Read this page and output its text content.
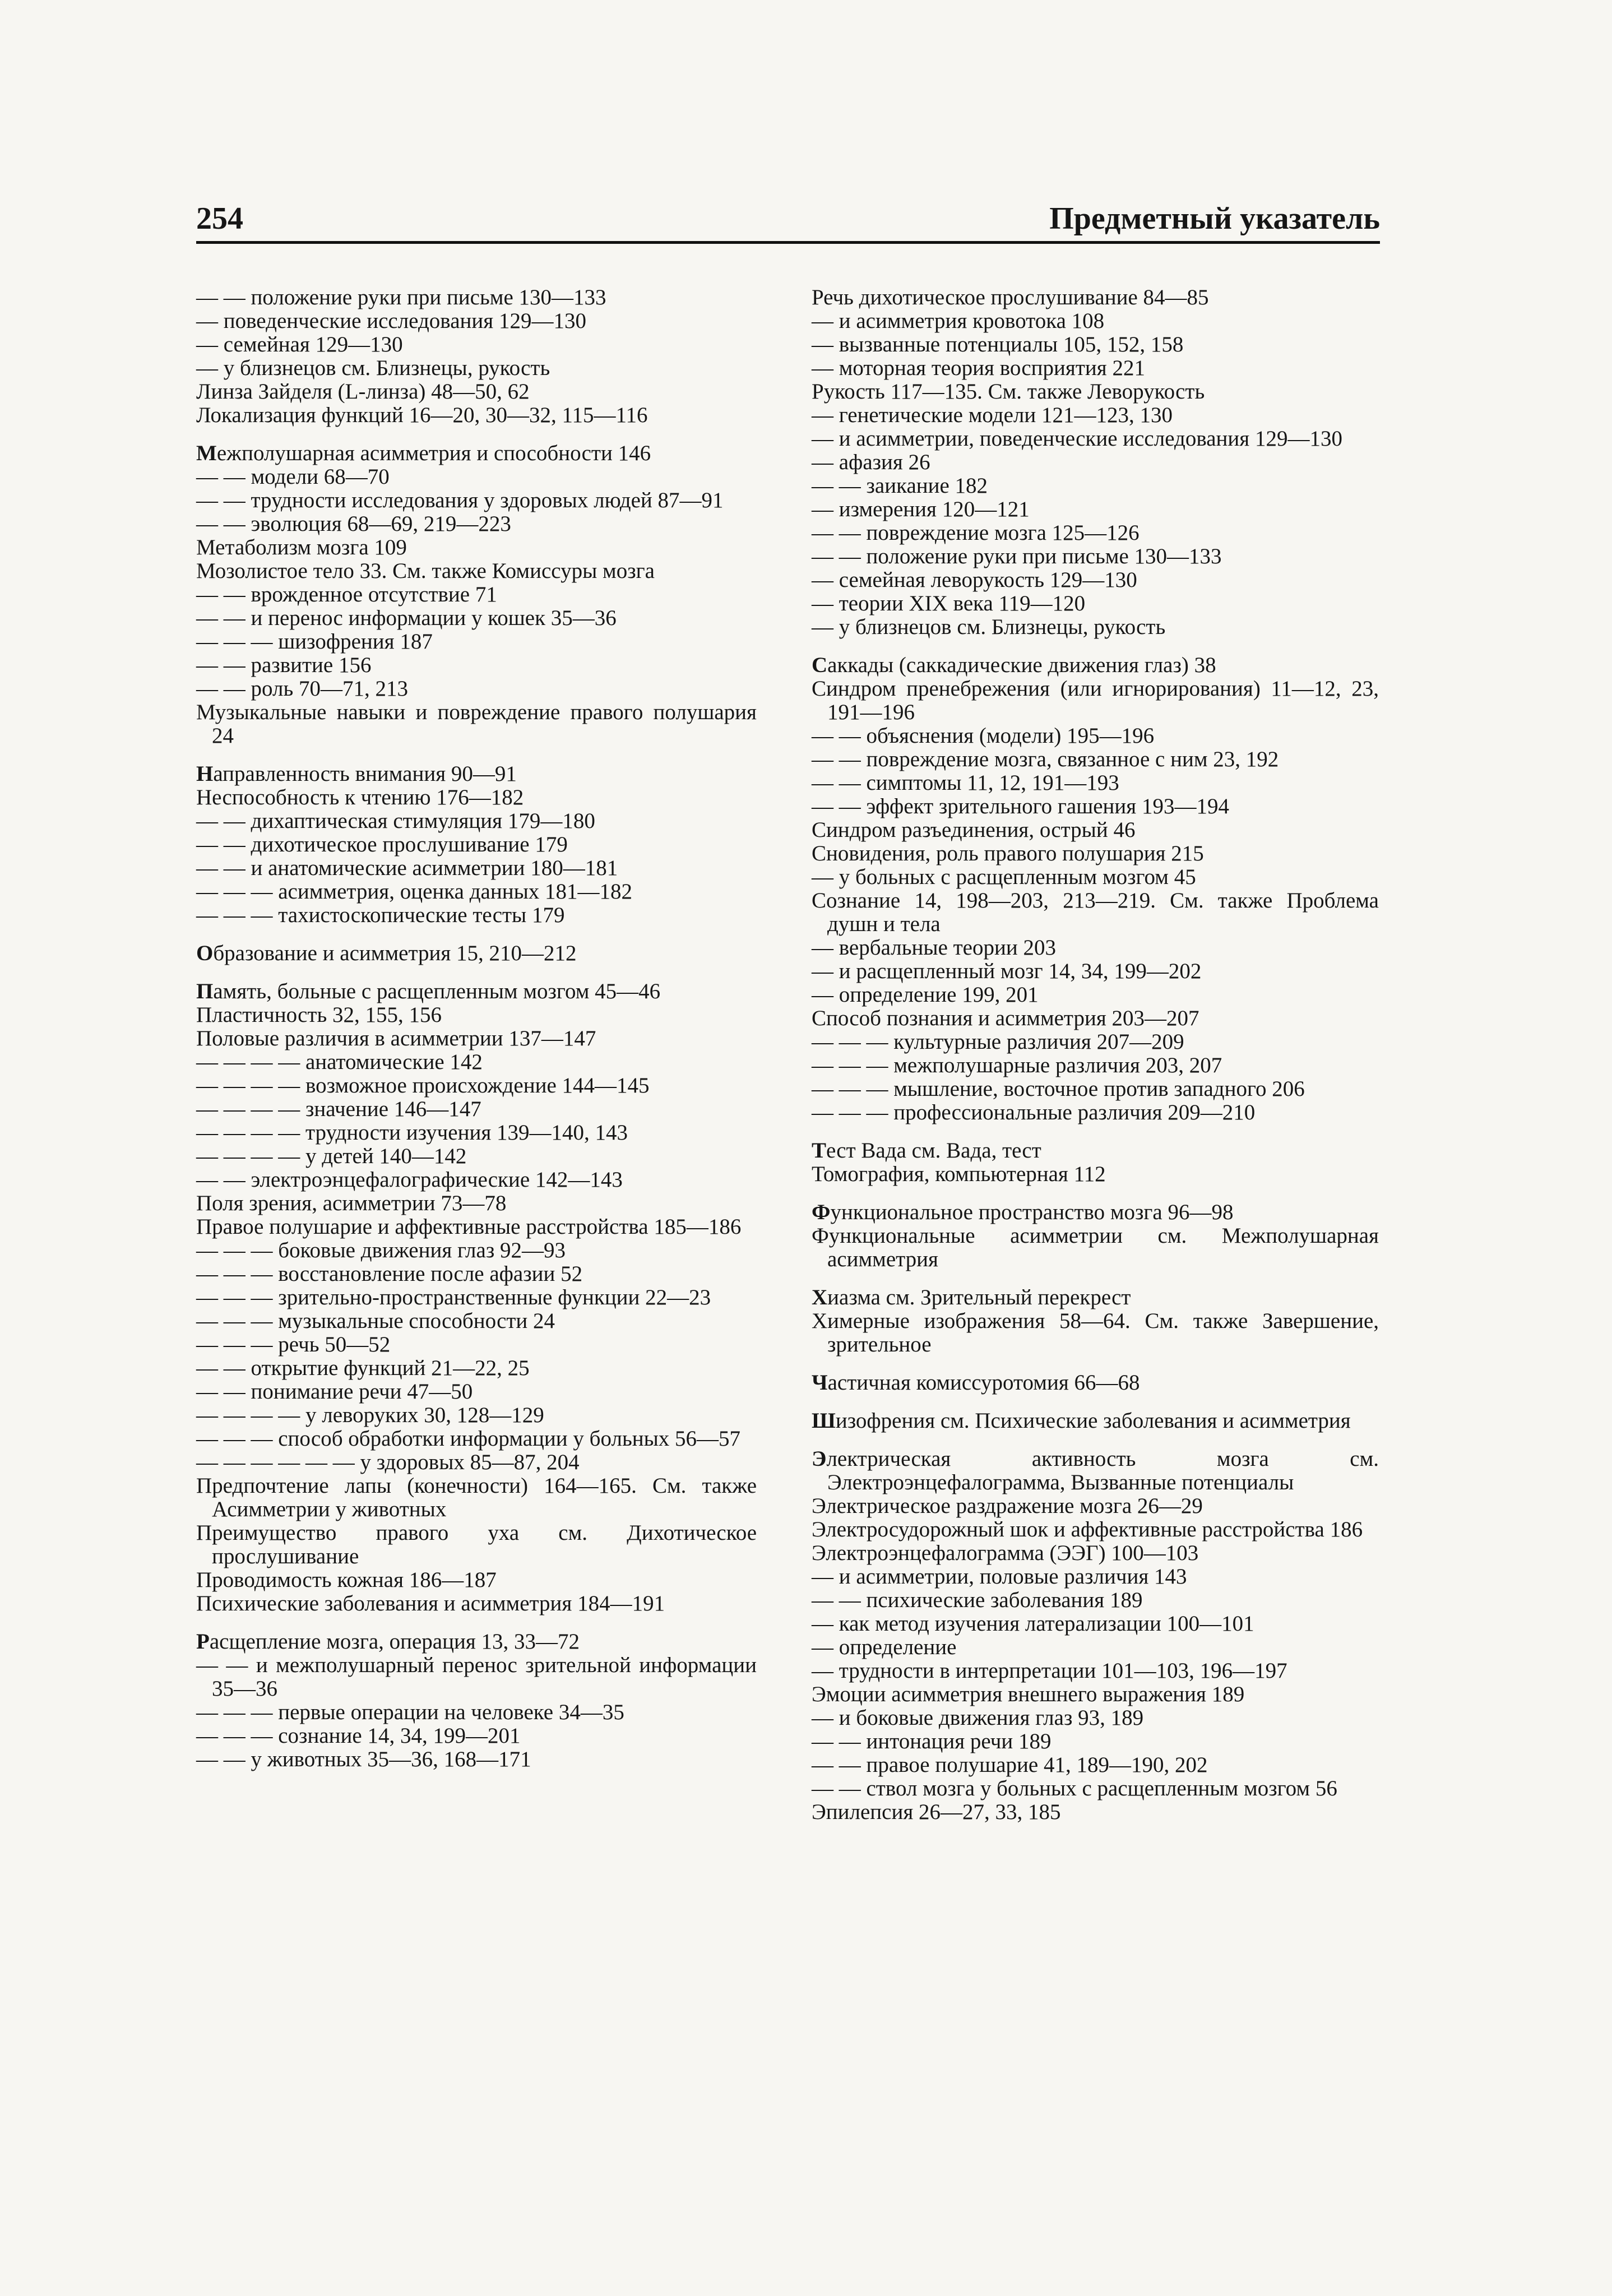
254	Предметный указатель

— — положение руки при письме 130—133

— поведенческие исследования 129—130

— семейная 129—130

— у близнецов см. Близнецы, рукость

Линза Зайделя (L-линза) 48—50, 62

Локализация функций 16—20, 30—32, 115—116

Межполушарная асимметрия и способности 146

— — модели 68—70

— — трудности исследования у здоровых людей 87—91

— — эволюция 68—69, 219—223

Метаболизм мозга 109

Мозолистое тело 33. См. также Комиссуры мозга

— — врожденное отсутствие 71

— — и перенос информации у кошек 35—36

— — — шизофрения 187

— — развитие 156

— — роль 70—71, 213

Музыкальные навыки и повреждение правого полушария 24

Направленность внимания 90—91

Неспособность к чтению 176—182

— — дихаптическая стимуляция 179—180

— — дихотическое прослушивание 179

— — и анатомические асимметрии 180—181

— — — асимметрия, оценка данных 181—182

— — — тахистоскопические тесты 179

Образование и асимметрия 15, 210—212

Память, больные с расщепленным мозгом 45—46

Пластичность 32, 155, 156

Половые различия в асимметрии 137—147

— — — — анатомические 142

— — — — возможное происхождение 144—145

— — — — значение 146—147

— — — — трудности изучения 139—140, 143

— — — — у детей 140—142

— — электроэнцефалографические 142—143

Поля зрения, асимметрии 73—78

Правое полушарие и аффективные расстройства 185—186

— — — боковые движения глаз 92—93

— — — восстановление после афазии 52

— — — зрительно-пространственные функции 22—23

— — — музыкальные способности 24

— — — речь 50—52

— — открытие функций 21—22, 25

— — понимание речи 47—50

— — — — у леворуких 30, 128—129

— — — способ обработки информации у больных 56—57

— — — — — — у здоровых 85—87, 204

Предпочтение лапы (конечности) 164—165. См. также Асимметрии у животных

Преимущество правого уха см. Дихотическое прослушивание

Проводимость кожная 186—187

Психические заболевания и асимметрия 184—191

Расщепление мозга, операция 13, 33—72

— — и межполушарный перенос зрительной информации 35—36

— — — первые операции на человеке 34—35

— — — сознание 14, 34, 199—201

— — у животных 35—36, 168—171

Речь дихотическое прослушивание 84—85

— и асимметрия кровотока 108

— вызванные потенциалы 105, 152, 158

— моторная теория восприятия 221

Рукость 117—135. См. также Леворукость

— генетические модели 121—123, 130

— и асимметрии, поведенческие исследования 129—130

— афазия 26

— — заикание 182

— измерения 120—121

— — повреждение мозга 125—126

— — положение руки при письме 130—133

— семейная леворукость 129—130

— теории XIX века 119—120

— у близнецов см. Близнецы, рукость

Саккады (саккадические движения глаз) 38

Синдром пренебрежения (или игнорирования) 11—12, 23, 191—196

— — объяснения (модели) 195—196

— — повреждение мозга, связанное с ним 23, 192

— — симптомы 11, 12, 191—193

— — эффект зрительного гашения 193—194

Синдром разъединения, острый 46

Сновидения, роль правого полушария 215

— у больных с расщепленным мозгом 45

Сознание 14, 198—203, 213—219. См. также Проблема душн и тела

— вербальные теории 203

— и расщепленный мозг 14, 34, 199—202

— определение 199, 201

Способ познания и асимметрия 203—207

— — — культурные различия 207—209

— — — межполушарные различия 203, 207

— — — мышление, восточное против западного 206

— — — профессиональные различия 209—210

Тест Вада см. Вада, тест

Томография, компьютерная 112

Функциональное пространство мозга 96—98

Функциональные асимметрии см. Межполушарная асимметрия

Хиазма см. Зрительный перекрест

Химерные изображения 58—64. См. также Завершение, зрительное

Частичная комиссуротомия 66—68

Шизофрения см. Психические заболевания и асимметрия

Электрическая активность мозга см. Электроэнцефалограмма, Вызванные потенциалы

Электрическое раздражение мозга 26—29

Электросудорожный шок и аффективные расстройства 186

Электроэнцефалограмма (ЭЭГ) 100—103

— и асимметрии, половые различия 143

— — психические заболевания 189

— как метод изучения латерализации 100—101

— определение

— трудности в интерпретации 101—103, 196—197

Эмоции асимметрия внешнего выражения 189

— и боковые движения глаз 93, 189

— — интонация речи 189

— — правое полушарие 41, 189—190, 202

— — ствол мозга у больных с расщепленным мозгом 56

Эпилепсия 26—27, 33, 185
